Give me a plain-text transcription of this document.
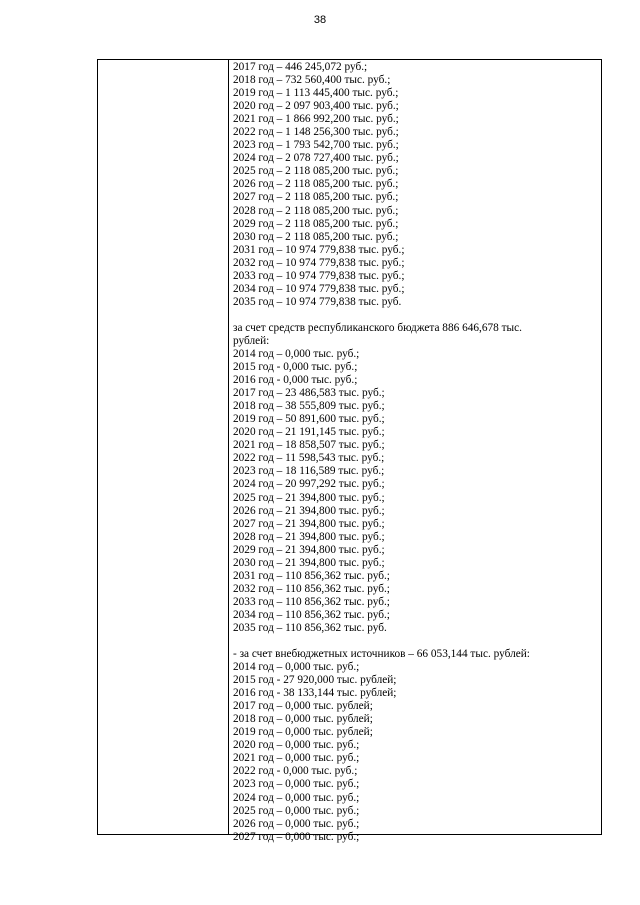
38
2017 год – 446 245,072 руб.;
2018 год – 732 560,400 тыс. руб.;
2019 год – 1 113 445,400 тыс. руб.;
2020 год – 2 097 903,400 тыс. руб.;
2021 год – 1 866 992,200 тыс. руб.;
2022 год – 1 148 256,300 тыс. руб.;
2023 год – 1 793 542,700 тыс. руб.;
2024 год – 2 078 727,400 тыс. руб.;
2025 год – 2 118 085,200 тыс. руб.;
2026 год – 2 118 085,200 тыс. руб.;
2027 год – 2 118 085,200 тыс. руб.;
2028 год – 2 118 085,200 тыс. руб.;
2029 год – 2 118 085,200 тыс. руб.;
2030 год – 2 118 085,200 тыс. руб.;
2031 год – 10 974 779,838 тыс. руб.;
2032 год – 10 974 779,838 тыс. руб.;
2033 год – 10 974 779,838 тыс. руб.;
2034 год – 10 974 779,838 тыс. руб.;
2035 год – 10 974 779,838 тыс. руб.
за счет средств республиканского бюджета 886 646,678 тыс.
рублей:
2014 год – 0,000 тыс. руб.;
2015 год - 0,000 тыс. руб.;
2016 год - 0,000 тыс. руб.;
2017 год – 23 486,583 тыс. руб.;
2018 год – 38 555,809 тыс. руб.;
2019 год – 50 891,600 тыс. руб.;
2020 год – 21 191,145 тыс. руб.;
2021 год – 18 858,507 тыс. руб.;
2022 год – 11 598,543 тыс. руб.;
2023 год – 18 116,589 тыс. руб.;
2024 год – 20 997,292 тыс. руб.;
2025 год – 21 394,800 тыс. руб.;
2026 год – 21 394,800 тыс. руб.;
2027 год – 21 394,800 тыс. руб.;
2028 год – 21 394,800 тыс. руб.;
2029 год – 21 394,800 тыс. руб.;
2030 год – 21 394,800 тыс. руб.;
2031 год – 110 856,362 тыс. руб.;
2032 год – 110 856,362 тыс. руб.;
2033 год – 110 856,362 тыс. руб.;
2034 год – 110 856,362 тыс. руб.;
2035 год – 110 856,362 тыс. руб.
- за счет внебюджетных источников – 66 053,144 тыс. рублей:
2014 год – 0,000 тыс. руб.;
2015 год - 27 920,000 тыс. рублей;
2016 год - 38 133,144 тыс. рублей;
2017 год – 0,000 тыс. рублей;
2018 год – 0,000 тыс. рублей;
2019 год – 0,000 тыс. рублей;
2020 год – 0,000 тыс. руб.;
2021 год – 0,000 тыс. руб.;
2022 год - 0,000 тыс. руб.;
2023 год – 0,000 тыс. руб.;
2024 год – 0,000 тыс. руб.;
2025 год – 0,000 тыс. руб.;
2026 год – 0,000 тыс. руб.;
2027 год – 0,000 тыс. руб.;
